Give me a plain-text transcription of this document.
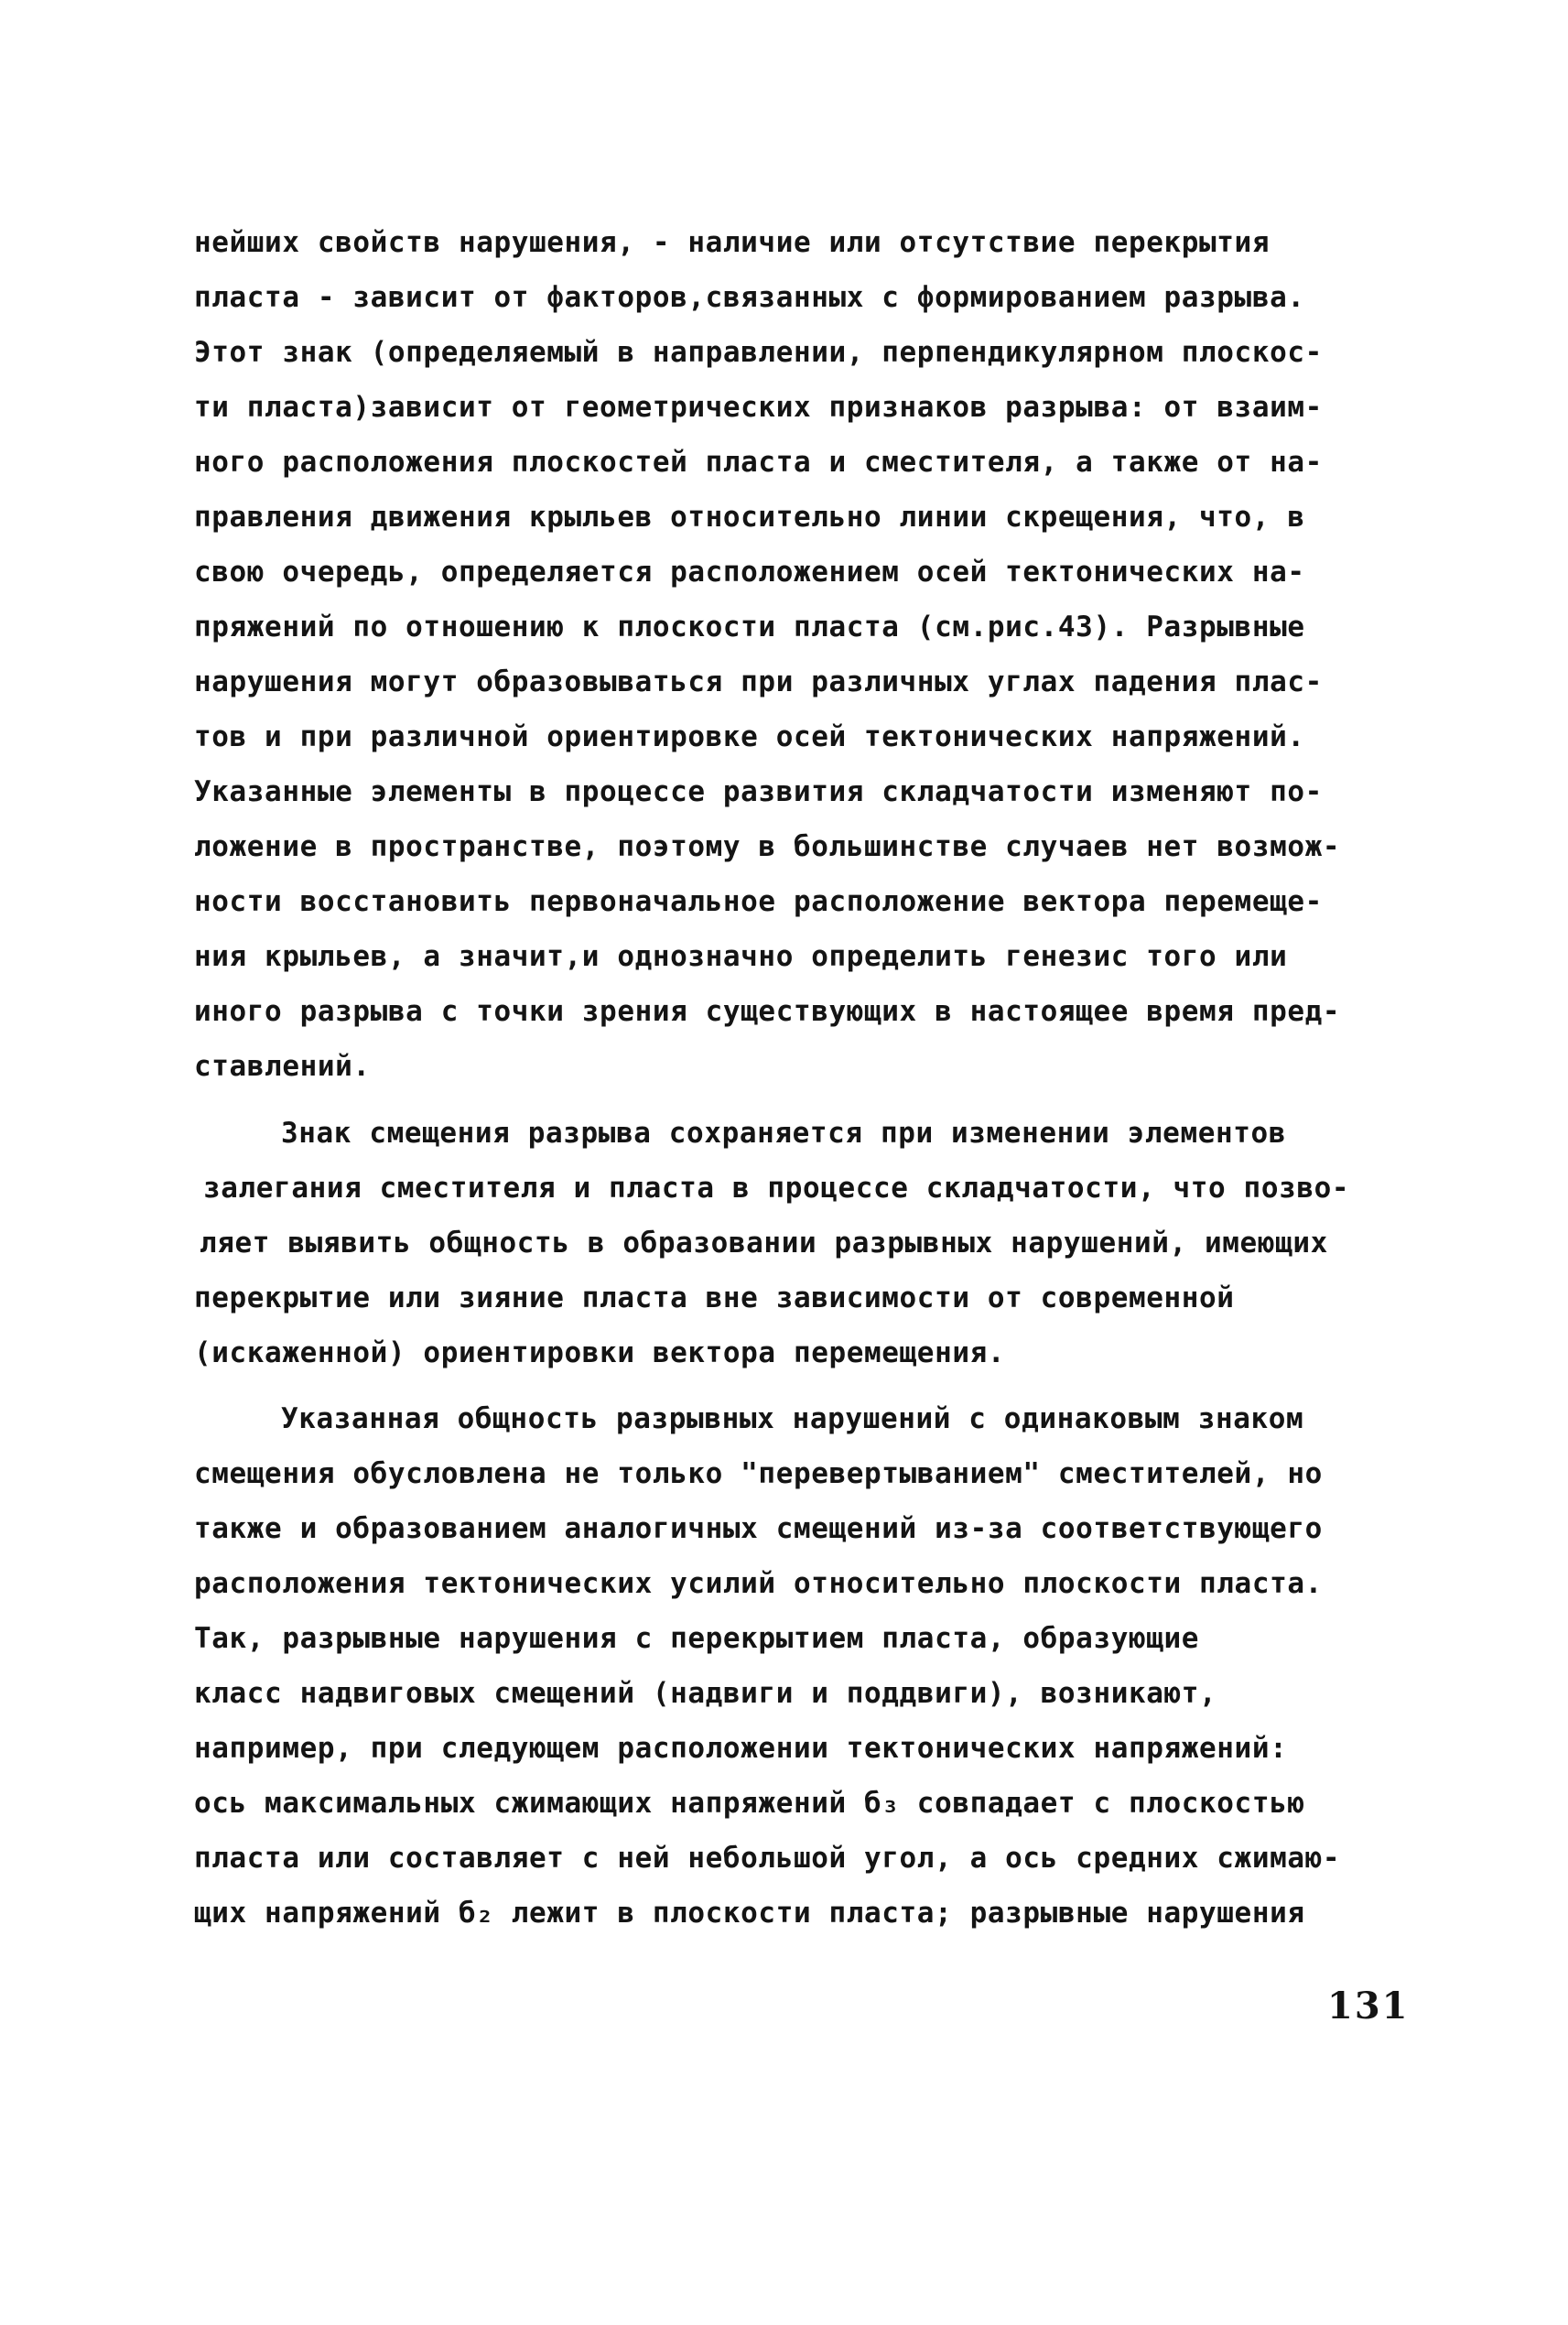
нейших свойств нарушения, - наличие или отсутствие перекрытия
пласта - зависит от факторов,связанных с формированием разрыва.
Этот знак (определяемый в направлении, перпендикулярном плоскос-
ти пласта)зависит от геометрических признаков разрыва: от взаим-
ного расположения плоскостей пласта и сместителя, а также от на-
правления движения крыльев относительно линии скрещения, что, в
свою очередь, определяется расположением осей тектонических на-
пряжений по отношению к плоскости пласта (см.рис.43). Разрывные
нарушения могут образовываться при различных углах падения плас-
тов и при различной ориентировке осей тектонических напряжений.
Указанные элементы в процессе развития складчатости изменяют по-
ложение в пространстве, поэтому в большинстве случаев нет возмож-
ности восстановить первоначальное расположение вектора перемеще-
ния крыльев, а значит,и однозначно определить генезис того или
иного разрыва с точки зрения существующих в настоящее время пред-
ставлений.
Знак смещения разрыва сохраняется при изменении элементов
залегания сместителя и пласта в процессе складчатости, что позво-
ляет выявить общность в образовании разрывных нарушений, имеющих
перекрытие или зияние пласта вне зависимости от современной
(искаженной) ориентировки вектора перемещения.
Указанная общность разрывных нарушений с одинаковым знаком
смещения обусловлена не только "перевертыванием" сместителей, но
также и образованием аналогичных смещений из-за соответствующего
расположения тектонических усилий относительно плоскости пласта.
Так, разрывные нарушения с перекрытием пласта, образующие
класс надвиговых смещений (надвиги и поддвиги), возникают,
например, при следующем расположении тектонических напряжений:
ось максимальных сжимающих напряжений б₃ совпадает с плоскостью
пласта или составляет с ней небольшой угол, а ось средних сжимаю-
щих напряжений б₂ лежит в плоскости пласта; разрывные нарушения
131
